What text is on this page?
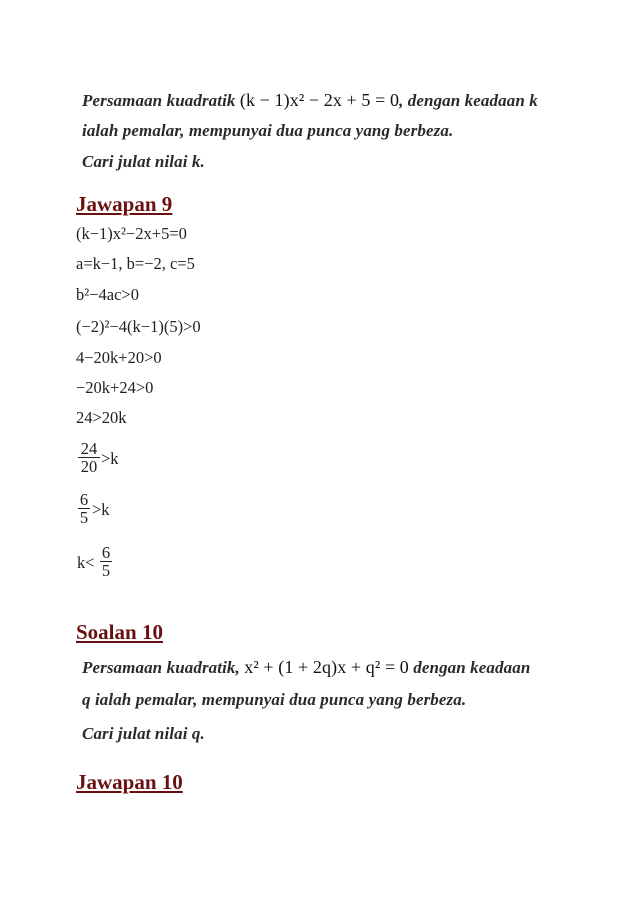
Persamaan kuadratik (k − 1)x² − 2x + 5 = 0, dengan keadaan k
ialah pemalar, mempunyai dua punca yang berbeza.
Cari julat nilai k.
Jawapan 9
(k−1)x²−2x+5=0
a=k−1, b=−2, c=5
b²−4ac>0
(−2)²−4(k−1)(5)>0
4−20k+20>0
−20k+24>0
24>20k
24
20 >k
6
5 >k
k<
6
5
Soalan 10
Persamaan kuadratik, x² + (1 + 2q)x + q² = 0 dengan keadaan
q ialah pemalar, mempunyai dua punca yang berbeza.
Cari julat nilai q.
Jawapan 10
